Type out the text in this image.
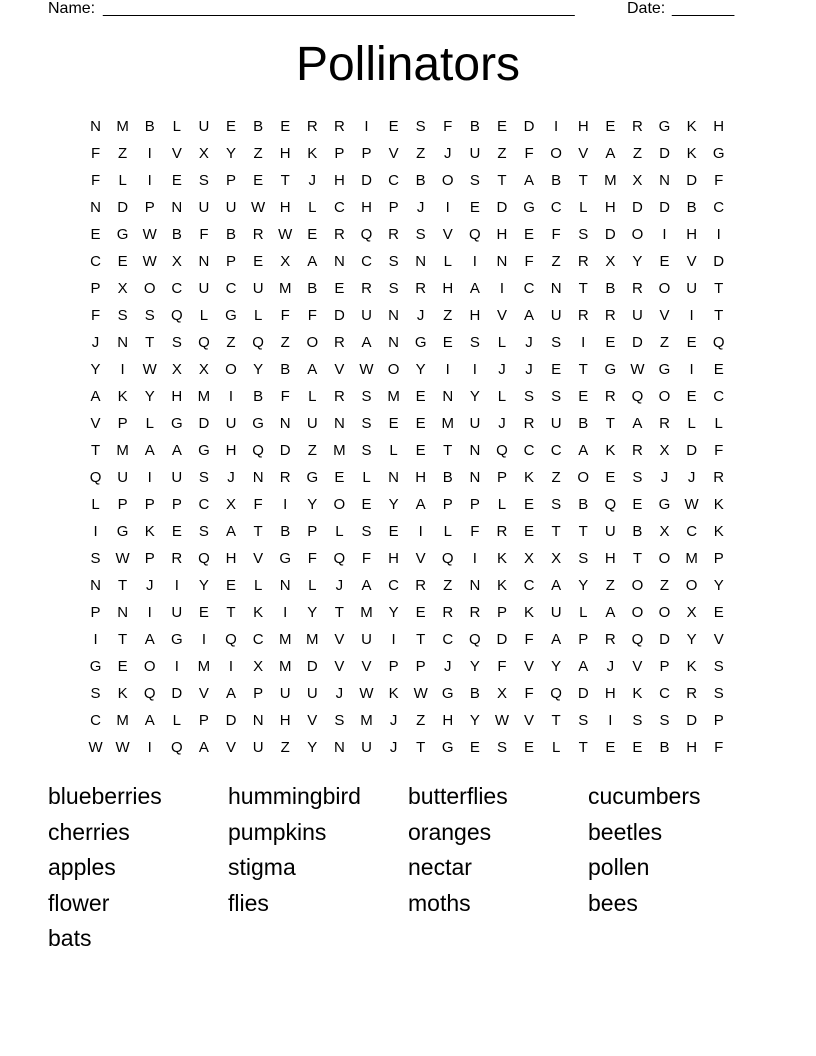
Name: _____________________________________________________	Date: _______
Pollinators
N	M	B	L	U	E	B	E	R	R	I	E	S	F	B	E	D	I	H	E	R	G	K	H
F	Z	I	V	X	Y	Z	H	K	P	P	V	Z	J	U	Z	F	O	V	A	Z	D	K	G
F	L	I	E	S	P	E	T	J	H	D	C	B	O	S	T	A	B	T	M	X	N	D	F
N	D	P	N	U	U W H	L	C	H	P	J	I	E	D	G	C	L	H	D	D	B	C
E	G W	B	F	B	R W	E	R	Q	R	S	V	Q	H	E	F	S	D	O	I	H	I
C	E	W	X	N	P	E	X	A	N	C	S	N	L	I	N	F	Z	R	X	Y	E	V	D
P	X	O	C	U	C	U	M	B	E	R	S	R	H	A	I	C	N	T	B	R	O	U	T
F	S	S	Q	L	G	L	F	F	D	U	N	J	Z	H	V	A	U	R	R	U	V	I	T
J	N	T	S	Q	Z	Q	Z	O	R	A	N	G	E	S	L	J	S	I	E	D	Z	E	Q
Y	I	W	X	X	O	Y	B	A	V	W O	Y	I	I	J	J	E	T	G W G	I	E
A	K	Y	H	M	I	B	F	L	R	S	M	E	N	Y	L	S	S	E	R	Q	O	E	C
V	P	L	G	D	U	G	N	U	N	S	E	E	M	U	J	R	U	B	T	A	R	L	L
T	M	A	A	G	H	Q	D	Z	M	S	L	E	T	N	Q	C	C	A	K	R	X	D	F
Q	U	I	U	S	J	N	R	G	E	L	N	H	B	N	P	K	Z	O	E	S	J	J	R
L	P	P	P	C	X	F	I	Y	O	E	Y	A	P	P	L	E	S	B	Q	E	G W	K
I	G	K	E	S	A	T	B	P	L	S	E	I	L	F	R	E	T	T	U	B	X	C	K
S	W	P	R	Q	H	V	G	F	Q	F	H	V	Q	I	K	X	X	S	H	T	O	M	P
N	T	J	I	Y	E	L	N	L	J	A	C	R	Z	N	K	C	A	Y	Z	O	Z	O	Y
P	N	I	U	E	T	K	I	Y	T	M	Y	E	R	R	P	K	U	L	A	O	O	X	E
I	T	A	G	I	Q	C	M M	V	U	I	T	C	Q	D	F	A	P	R	Q	D	Y	V
G	E	O	I	M	I	X	M	D	V	V	P	P	J	Y	F	V	Y	A	J	V	P	K	S
S	K	Q	D	V	A	P	U	U	J	W	K	W G	B	X	F	Q	D	H	K	C	R	S
C	M	A	L	P	D	N	H	V	S	M	J	Z	H	Y	W	V	T	S	I	S	S	D	P
W W	I	Q	A	V	U	Z	Y	N	U	J	T	G	E	S	E	L	T	E	E	B	H	F
blueberries	hummingbird	butterflies	cucumbers
cherries	pumpkins	oranges	beetles
apples	stigma	nectar	pollen
flower	flies	moths	bees
bats
